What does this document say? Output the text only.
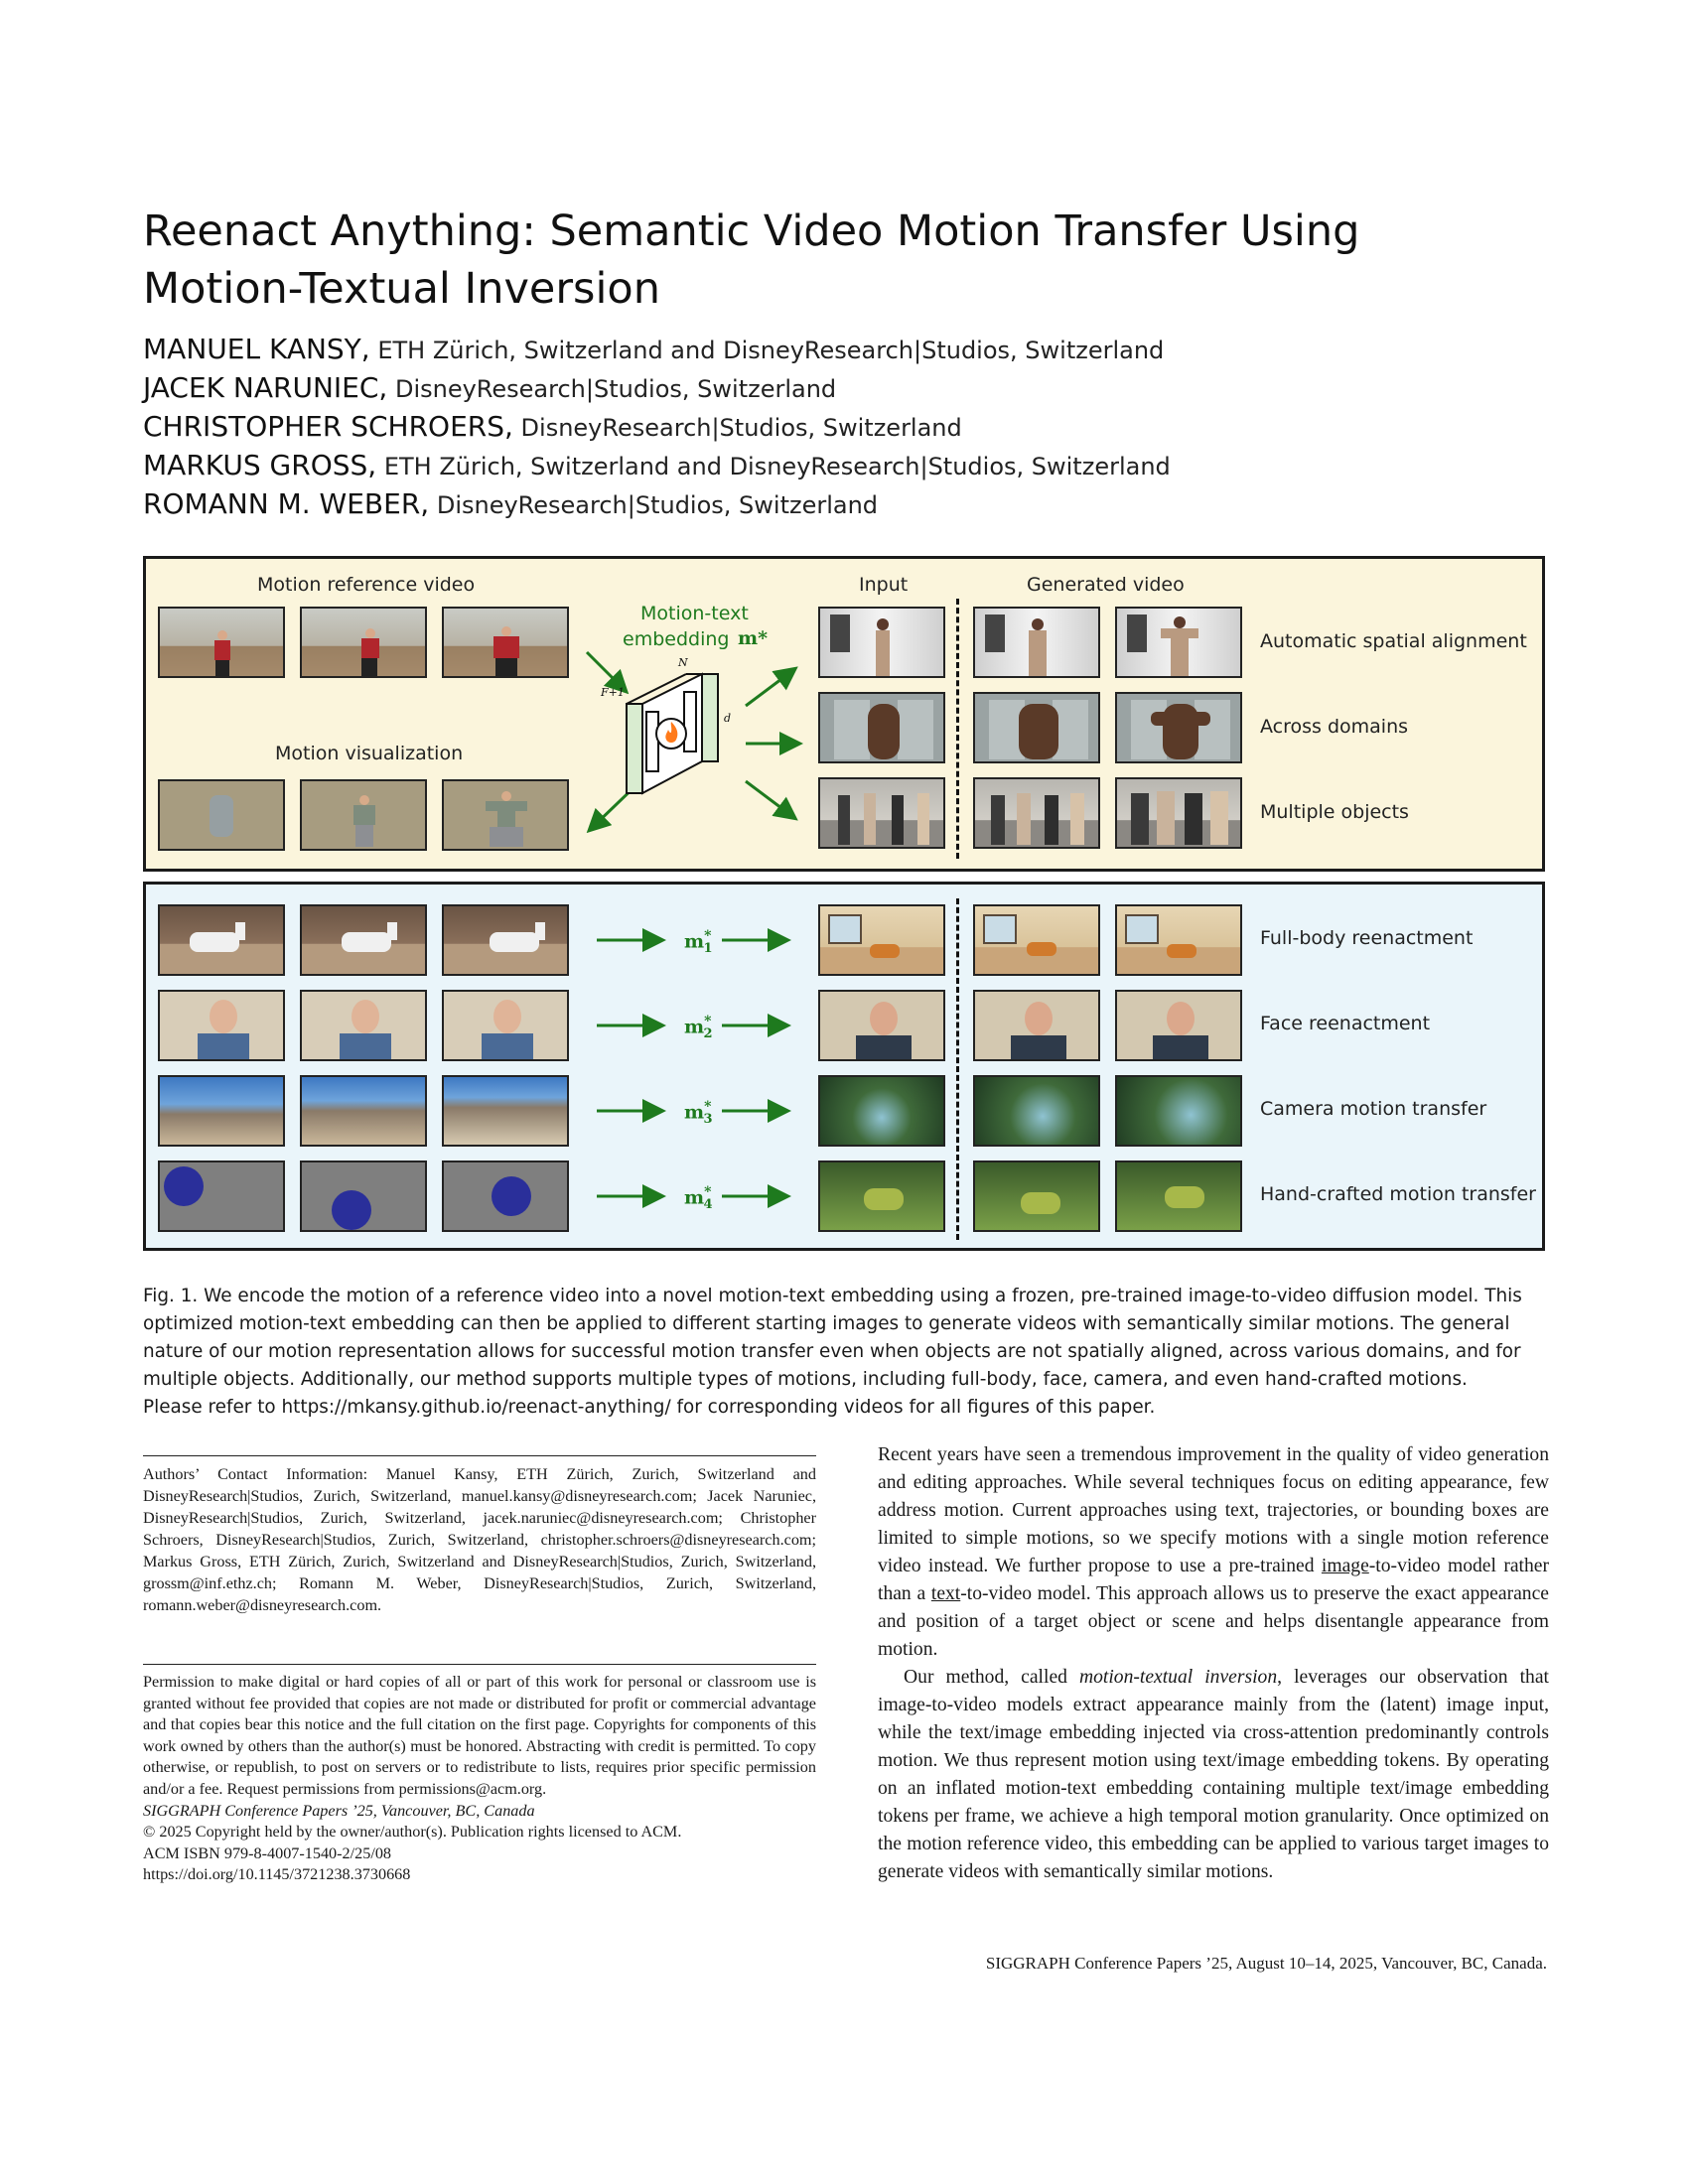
Reenact Anything: Semantic Video Motion Transfer Using
Motion-Textual Inversion
MANUEL KANSY, ETH Zürich, Switzerland and DisneyResearch|Studios, Switzerland
JACEK NARUNIEC, DisneyResearch|Studios, Switzerland
CHRISTOPHER SCHROERS, DisneyResearch|Studios, Switzerland
MARKUS GROSS, ETH Zürich, Switzerland and DisneyResearch|Studios, Switzerland
ROMANN M. WEBER, DisneyResearch|Studios, Switzerland
Motion reference video
Motion visualization
Input	Generated video
Motion-text
embedding m*
N
F+1
d
Automatic spatial alignment
Across domains
Multiple objects
$m^*_1$
$m^*_2$
$m^*_3$
$m^*_4$
Full-body reenactment
Face reenactment
Camera motion transfer
Hand-crafted motion transfer
Fig. 1. We encode the motion of a reference video into a novel motion-text embedding using a frozen, pre-trained image-to-video diffusion model. This optimized motion-text embedding can then be applied to different starting images to generate videos with semantically similar motions. The general nature of our motion representation allows for successful motion transfer even when objects are not spatially aligned, across various domains, and for multiple objects. Additionally, our method supports multiple types of motions, including full-body, face, camera, and even hand-crafted motions.
Please refer to https://mkansy.github.io/reenact-anything/ for corresponding videos for all figures of this paper.
Authors’ Contact Information: Manuel Kansy, ETH Zürich, Zurich, Switzerland and DisneyResearch|Studios, Zurich, Switzerland, manuel.kansy@disneyresearch.com; Jacek Naruniec, DisneyResearch|Studios, Zurich, Switzerland, jacek.naruniec@disneyresearch.com; Christopher Schroers, DisneyResearch|Studios, Zurich, Switzerland, christopher.schroers@disneyresearch.com; Markus Gross, ETH Zürich, Zurich, Switzerland and DisneyResearch|Studios, Zurich, Switzerland, grossm@inf.ethz.ch; Romann M. Weber, DisneyResearch|Studios, Zurich, Switzerland, romann.weber@disneyresearch.com.

Permission to make digital or hard copies of all or part of this work for personal or classroom use is granted without fee provided that copies are not made or distributed for profit or commercial advantage and that copies bear this notice and the full citation on the first page. Copyrights for components of this work owned by others than the author(s) must be honored. Abstracting with credit is permitted. To copy otherwise, or republish, to post on servers or to redistribute to lists, requires prior specific permission and/or a fee. Request permissions from permissions@acm.org.

SIGGRAPH Conference Papers ’25, Vancouver, BC, Canada

© 2025 Copyright held by the owner/author(s). Publication rights licensed to ACM.

ACM ISBN 979-8-4007-1540-2/25/08

https://doi.org/10.1145/3721238.3730668

Recent years have seen a tremendous improvement in the quality of video generation and editing approaches. While several techniques focus on editing appearance, few address motion. Current approaches using text, trajectories, or bounding boxes are limited to simple motions, so we specify motions with a single motion reference video instead. We further propose to use a pre-trained image-to-video model rather than a text-to-video model. This approach allows us to preserve the exact appearance and position of a target object or scene and helps disentangle appearance from motion.

Our method, called motion-textual inversion, leverages our observation that image-to-video models extract appearance mainly from the (latent) image input, while the text/image embedding injected via cross-attention predominantly controls motion. We thus represent motion using text/image embedding tokens. By operating on an inflated motion-text embedding containing multiple text/image embedding tokens per frame, we achieve a high temporal motion granularity. Once optimized on the motion reference video, this embedding can be applied to various target images to generate videos with semantically similar motions.

SIGGRAPH Conference Papers ’25, August 10–14, 2025, Vancouver, BC, Canada.
